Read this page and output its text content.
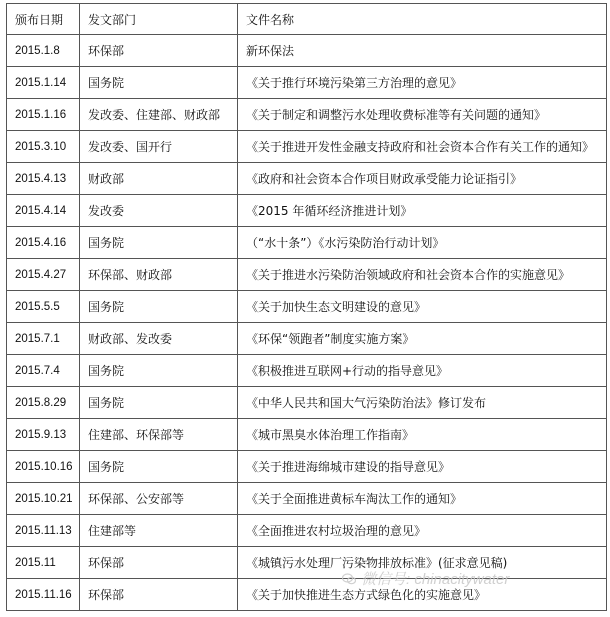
颁布日期	发文部门	文件名称
2015.1.8	环保部	新环保法
2015.1.14	国务院	《关于推行环境污染第三方治理的意见》
2015.1.16	发改委、住建部、财政部	《关于制定和调整污水处理收费标准等有关问题的通知》
2015.3.10	发改委、国开行	《关于推进开发性金融支持政府和社会资本合作有关工作的通知》
2015.4.13	财政部	《政府和社会资本合作项目财政承受能力论证指引》
2015.4.14	发改委	《2015 年循环经济推进计划》
2015.4.16	国务院	（“水十条”）《水污染防治行动计划》
2015.4.27	环保部、财政部	《关于推进水污染防治领域政府和社会资本合作的实施意见》
2015.5.5	国务院	《关于加快生态文明建设的意见》
2015.7.1	财政部、发改委	《环保“领跑者”制度实施方案》
2015.7.4	国务院	《积极推进互联网+行动的指导意见》
2015.8.29	国务院	《中华人民共和国大气污染防治法》修订发布
2015.9.13	住建部、环保部等	《城市黑臭水体治理工作指南》
2015.10.16	国务院	《关于推进海绵城市建设的指导意见》
2015.10.21	环保部、公安部等	《关于全面推进黄标车淘汰工作的通知》
2015.11.13	住建部等	《全面推进农村垃圾治理的意见》
2015.11	环保部	《城镇污水处理厂污染物排放标准》(征求意见稿)
2015.11.16	环保部	《关于加快推进生态方式绿色化的实施意见》
微信号: chinacitywater
